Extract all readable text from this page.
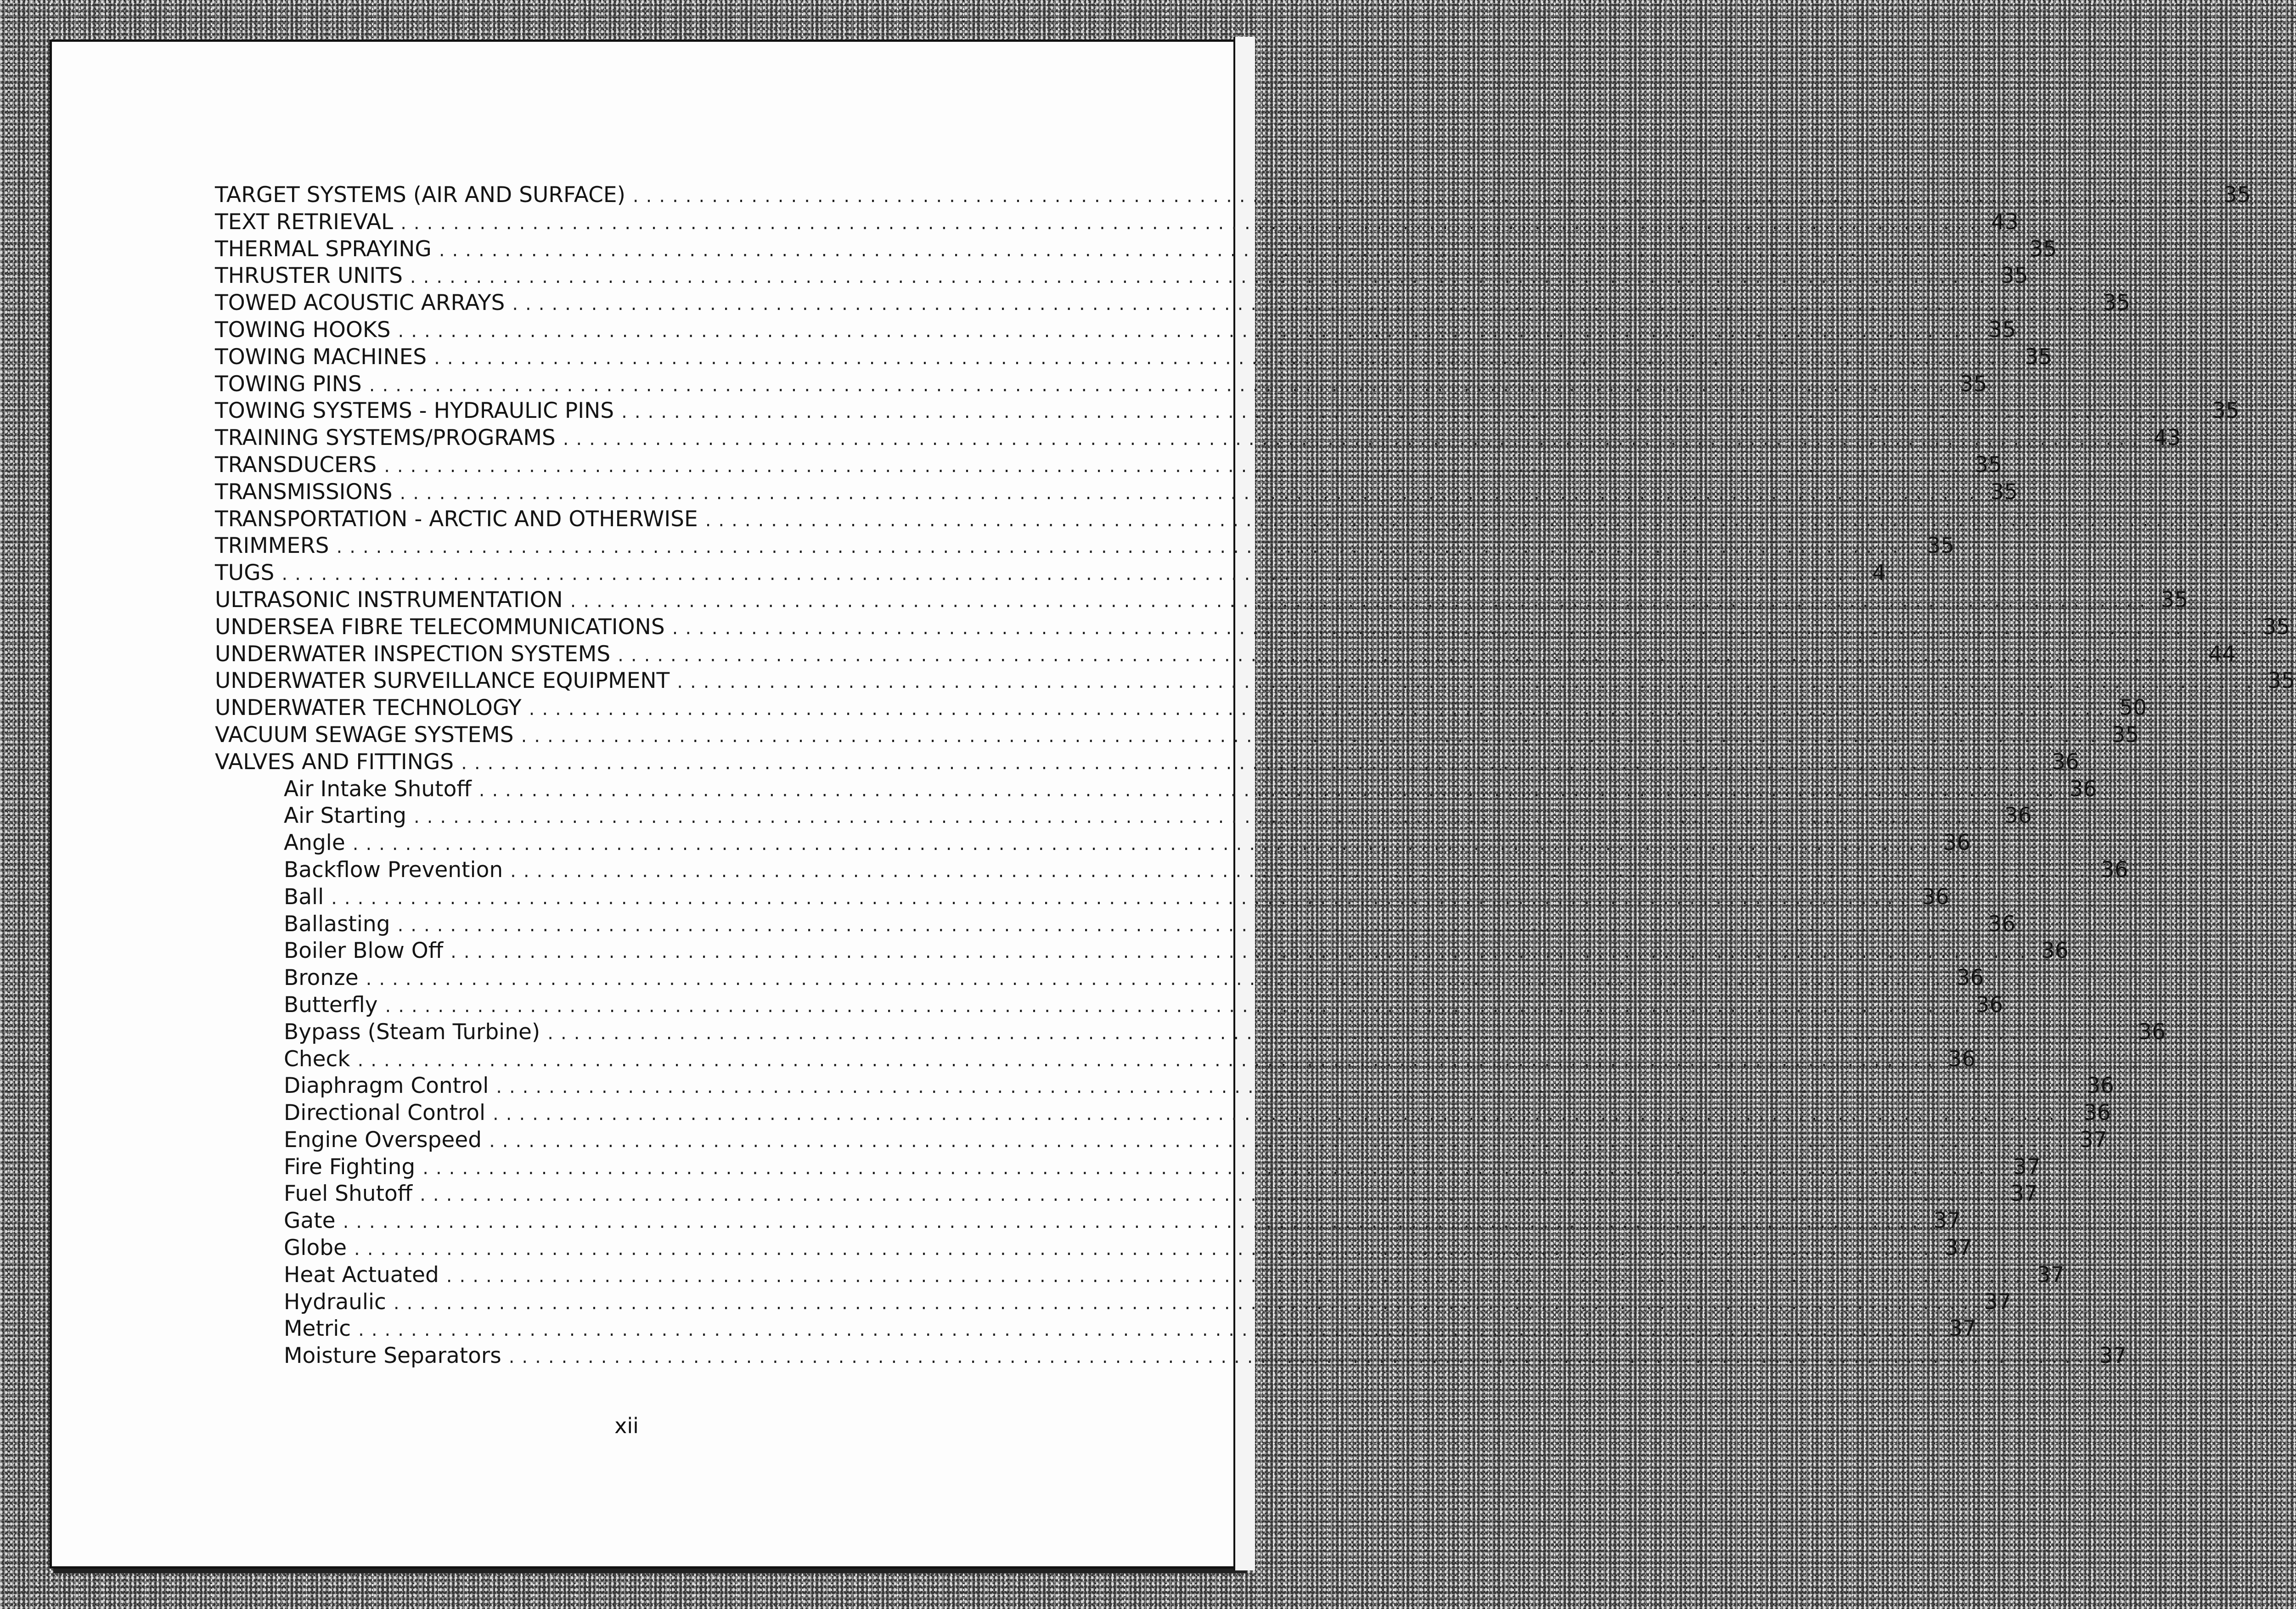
TARGET SYSTEMS (AIR AND SURFACE) ........................................................................................................................ 35
TEXT RETRIEVAL ........................................................................................................................ 43
THERMAL SPRAYING ........................................................................................................................ 35
THRUSTER UNITS ........................................................................................................................ 35
TOWED ACOUSTIC ARRAYS ........................................................................................................................ 35
TOWING HOOKS ........................................................................................................................ 35
TOWING MACHINES ........................................................................................................................ 35
TOWING PINS ........................................................................................................................ 35
TOWING SYSTEMS - HYDRAULIC PINS ........................................................................................................................ 35
TRAINING SYSTEMS/PROGRAMS ........................................................................................................................ 43
TRANSDUCERS ........................................................................................................................ 35
TRANSMISSIONS ........................................................................................................................ 35
TRANSPORTATION - ARCTIC AND OTHERWISE ........................................................................................................................
TRIMMERS ........................................................................................................................ 35
TUGS ........................................................................................................................ 4
ULTRASONIC INSTRUMENTATION ........................................................................................................................ 35
UNDERSEA FIBRE TELECOMMUNICATIONS ........................................................................................................................ 35
UNDERWATER INSPECTION SYSTEMS ........................................................................................................................ 44
UNDERWATER SURVEILLANCE EQUIPMENT ........................................................................................................................ 35
UNDERWATER TECHNOLOGY ........................................................................................................................ 50
VACUUM SEWAGE SYSTEMS ........................................................................................................................ 35
VALVES AND FITTINGS ........................................................................................................................ 36
Air Intake Shutoff ........................................................................................................................ 36
Air Starting ........................................................................................................................ 36
Angle ........................................................................................................................ 36
Backflow Prevention ........................................................................................................................ 36
Ball ........................................................................................................................ 36
Ballasting ........................................................................................................................ 36
Boiler Blow Off ........................................................................................................................ 36
Bronze ........................................................................................................................ 36
Butterfly ........................................................................................................................ 36
Bypass (Steam Turbine) ........................................................................................................................ 36
Check ........................................................................................................................ 36
Diaphragm Control ........................................................................................................................ 36
Directional Control ........................................................................................................................ 36
Engine Overspeed ........................................................................................................................ 37
Fire Fighting ........................................................................................................................ 37
Fuel Shutoff ........................................................................................................................ 37
Gate ........................................................................................................................ 37
Globe ........................................................................................................................ 37
Heat Actuated ........................................................................................................................ 37
Hydraulic ........................................................................................................................ 37
Metric ........................................................................................................................ 37
Moisture Separators ........................................................................................................................ 37
xii
